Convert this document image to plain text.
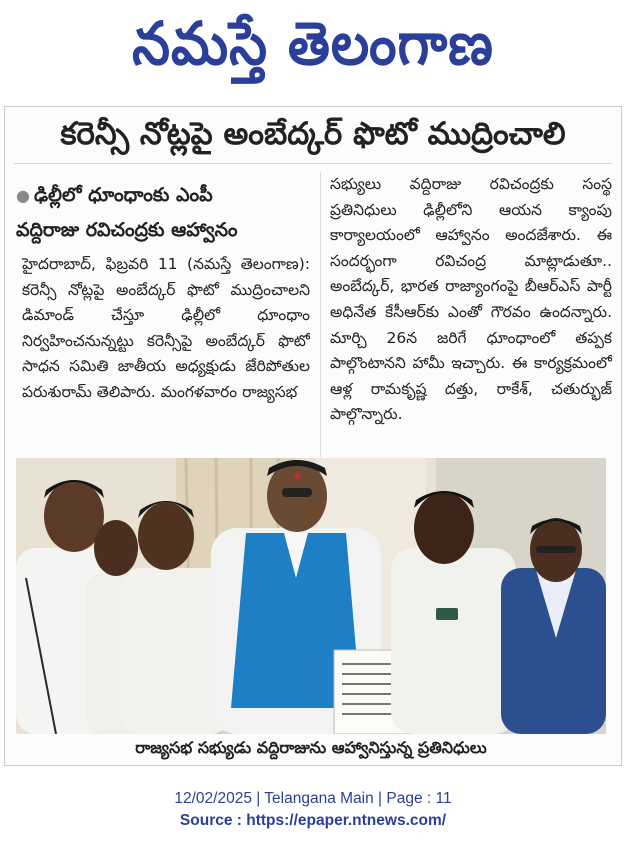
నమస్తే తెలంగాణ
కరెన్సీ నోట్లపై అంబేద్కర్ ఫొటో ముద్రించాలి
● ఢిల్లీలో ధూంధాంకు ఎంపీ
వద్దిరాజు రవిచంద్రకు ఆహ్వానం
హైదరాబాద్, ఫిబ్రవరి 11 (నమస్తే తెలంగాణ): కరెన్సీ నోట్లపై అంబేద్కర్ ఫొటో ముద్రించాలని డిమాండ్ చేస్తూ ఢిల్లీలో ధూంధాం నిర్వహించనున్నట్టు కరెన్సీపై అంబేద్కర్ ఫొటో సాధన సమితి జాతీయ అధ్యక్షుడు జేరిపోతుల పరుశురామ్ తెలిపారు. మంగళవారం రాజ్యసభ
సభ్యులు వద్దిరాజు రవిచంద్రకు సంస్థ ప్రతినిధులు ఢిల్లీలోని ఆయన క్యాంపు కార్యాలయంలో ఆహ్వానం అందజేశారు. ఈ సందర్భంగా రవిచంద్ర మాట్లాడుతూ.. అంబేద్కర్, భారత రాజ్యాంగంపై బీఆర్ఎస్ పార్టీ అధినేత కేసీఆర్‌కు ఎంతో గౌరవం ఉందన్నారు. మార్చి 26న జరిగే ధూంధాంలో తప్పక పాల్గొంటానని హామీ ఇచ్చారు. ఈ కార్యక్రమంలో ఆళ్ల రామకృష్ణ దత్తు, రాకేశ్, చతుర్భుజ్ పాల్గొన్నారు.
రాజ్యసభ సభ్యుడు వద్దిరాజును ఆహ్వానిస్తున్న ప్రతినిధులు
12/02/2025 | Telangana Main | Page : 11
Source : https://epaper.ntnews.com/
